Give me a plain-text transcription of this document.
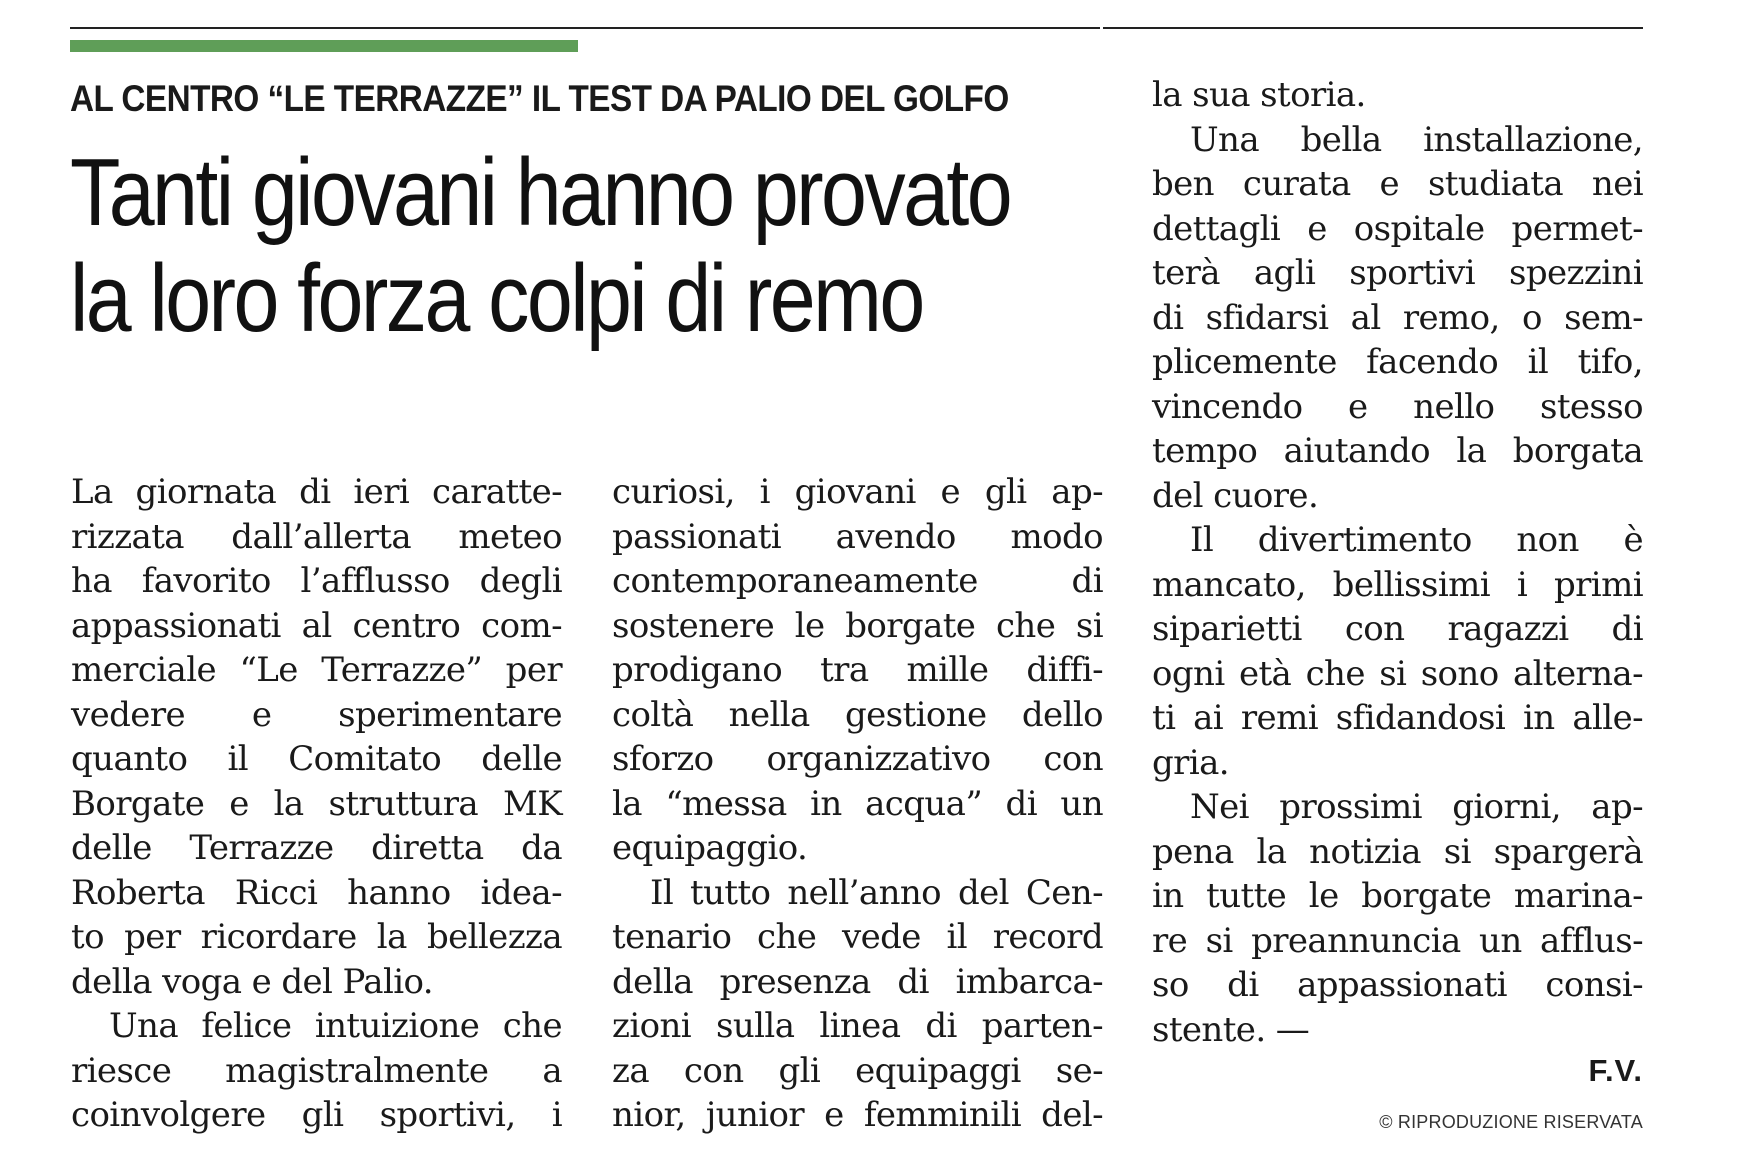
AL CENTRO “LE TERRAZZE” IL TEST DA PALIO DEL GOLFO
Tanti giovani hanno provato
la loro forza colpi di remo
La giornata di ieri caratte-
rizzata dall’allerta meteo
ha favorito l’afflusso degli
appassionati al centro com-
merciale “Le Terrazze” per
vedere e sperimentare
quanto il Comitato delle
Borgate e la struttura MK
delle Terrazze diretta da
Roberta Ricci hanno idea-
to per ricordare la bellezza
della voga e del Palio.
Una felice intuizione che
riesce magistralmente a
coinvolgere gli sportivi, i
curiosi, i giovani e gli ap-
passionati avendo modo
contemporaneamente di
sostenere le borgate che si
prodigano tra mille diffi-
coltà nella gestione dello
sforzo organizzativo con
la “messa in acqua” di un
equipaggio.
Il tutto nell’anno del Cen-
tenario che vede il record
della presenza di imbarca-
zioni sulla linea di parten-
za con gli equipaggi se-
nior, junior e femminili del-
la sua storia.
Una bella installazione,
ben curata e studiata nei
dettagli e ospitale permet-
terà agli sportivi spezzini
di sfidarsi al remo, o sem-
plicemente facendo il tifo,
vincendo e nello stesso
tempo aiutando la borgata
del cuore.
Il divertimento non è
mancato, bellissimi i primi
siparietti con ragazzi di
ogni età che si sono alterna-
ti ai remi sfidandosi in alle-
gria.
Nei prossimi giorni, ap-
pena la notizia si spargerà
in tutte le borgate marina-
re si preannuncia un afflus-
so di appassionati consi-
stente. —
F.V.
© RIPRODUZIONE RISERVATA
